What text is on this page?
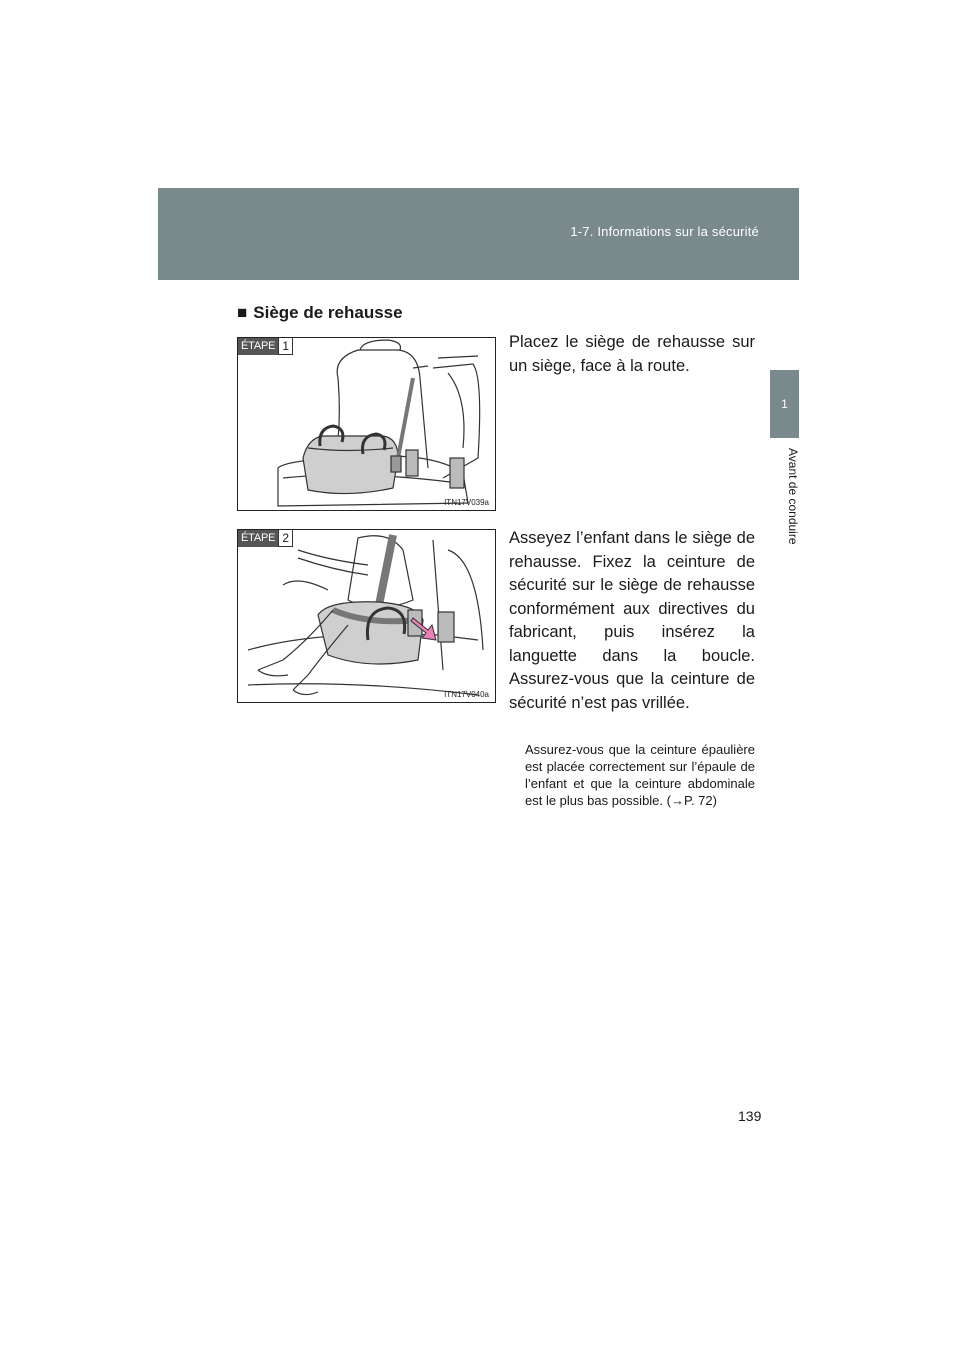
1-7. Informations sur la sécurité
1
Avant de conduire
■ Siège de rehausse
ÉTAPE 1
ITN17V039a
Placez le siège de rehausse sur un siège, face à la route.
ÉTAPE 2
ITN17V040a
Asseyez l’enfant dans le siège de rehausse. Fixez la ceinture de sécurité sur le siège de rehausse conformément aux directives du fabricant, puis insérez la languette dans la boucle. Assurez-vous que la ceinture de sécurité n’est pas vrillée.
Assurez-vous que la ceinture épaulière est placée correctement sur l’épaule de l’enfant et que la ceinture abdominale est le plus bas possible. (→P. 72)
139
